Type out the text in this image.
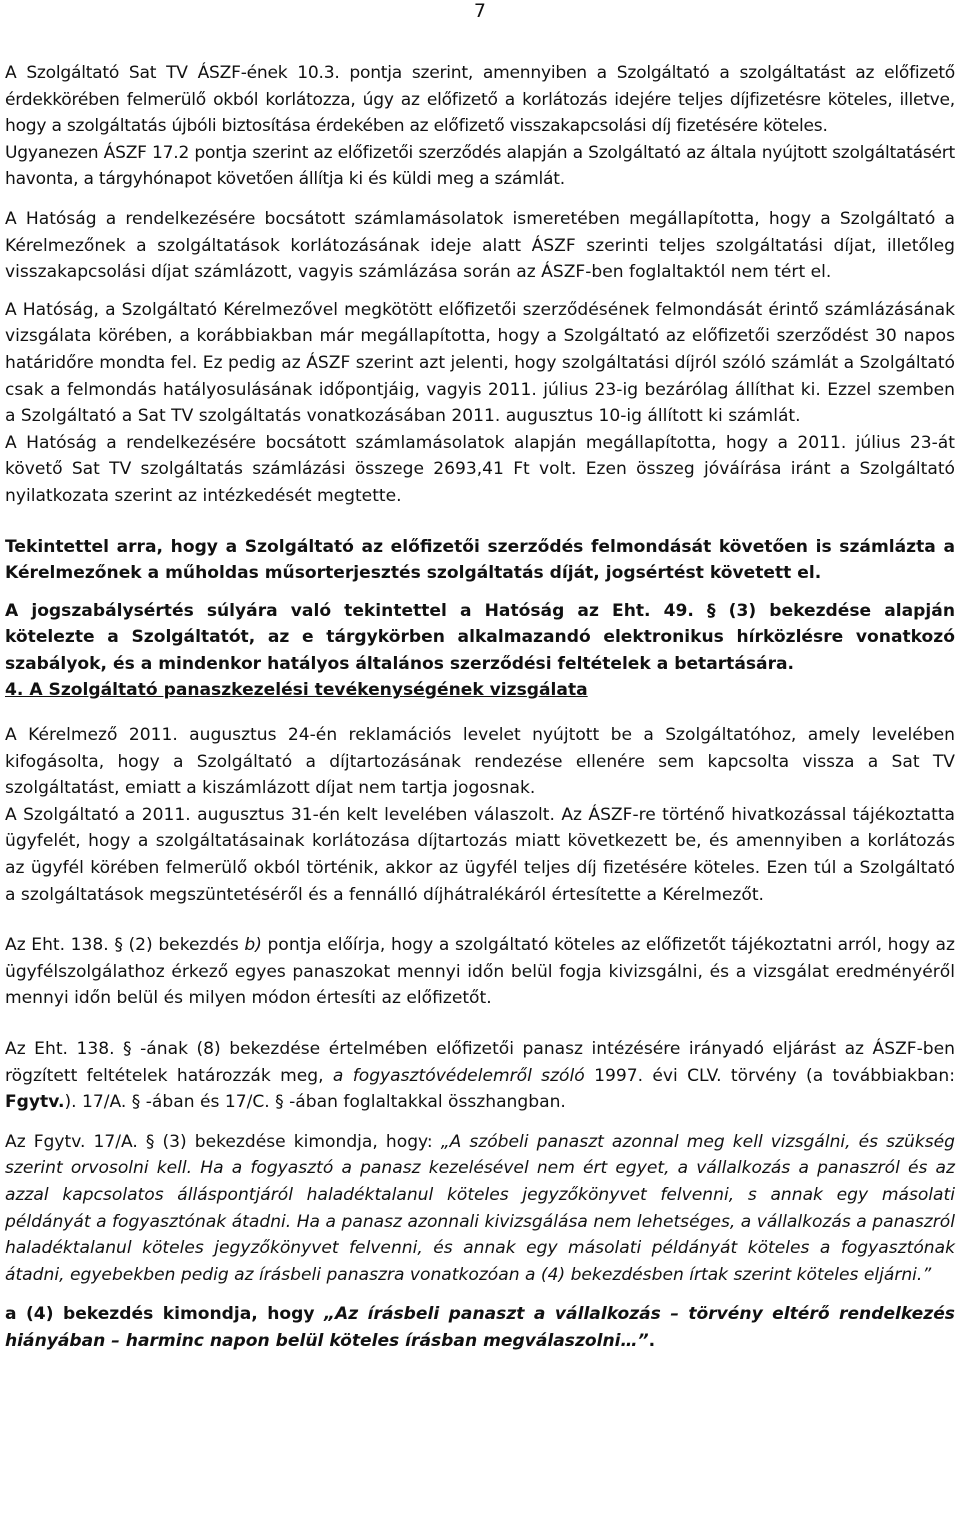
7

A Szolgáltató Sat TV ÁSZF-ének 10.3. pontja szerint, amennyiben a Szolgáltató a szolgáltatást az előfizető érdekkörében felmerülő okból korlátozza, úgy az előfizető a korlátozás idejére teljes díjfizetésre köteles, illetve, hogy a szolgáltatás újbóli biztosítása érdekében az előfizető visszakapcsolási díj fizetésére köteles.
Ugyanezen ÁSZF 17.2 pontja szerint az előfizetői szerződés alapján a Szolgáltató az általa nyújtott szolgáltatásért havonta, a tárgyhónapot követően állítja ki és küldi meg a számlát.

A Hatóság a rendelkezésére bocsátott számlamásolatok ismeretében megállapította, hogy a Szolgáltató a Kérelmezőnek a szolgáltatások korlátozásának ideje alatt ÁSZF szerinti teljes szolgáltatási díjat, illetőleg visszakapcsolási díjat számlázott, vagyis számlázása során az ÁSZF-ben foglaltaktól nem tért el.

A Hatóság, a Szolgáltató Kérelmezővel megkötött előfizetői szerződésének felmondását érintő számlázásának vizsgálata körében, a korábbiakban már megállapította, hogy a Szolgáltató az előfizetői szerződést 30 napos határidőre mondta fel. Ez pedig az ÁSZF szerint azt jelenti, hogy szolgáltatási díjról szóló számlát a Szolgáltató csak a felmondás hatályosulásának időpontjáig, vagyis 2011. július 23-ig bezárólag állíthat ki. Ezzel szemben a Szolgáltató a Sat TV szolgáltatás vonatkozásában 2011. augusztus 10-ig állított ki számlát.

A Hatóság a rendelkezésére bocsátott számlamásolatok alapján megállapította, hogy a 2011. július 23-át követő Sat TV szolgáltatás számlázási összege 2693,41 Ft volt. Ezen összeg jóváírása iránt a Szolgáltató nyilatkozata szerint az intézkedését megtette.

Tekintettel arra, hogy a Szolgáltató az előfizetői szerződés felmondását követően is számlázta a Kérelmezőnek a műholdas műsorterjesztés szolgáltatás díját, jogsértést követett el.

A jogszabálysértés súlyára való tekintettel a Hatóság az Eht. 49. § (3) bekezdése alapján kötelezte a Szolgáltatót, az e tárgykörben alkalmazandó elektronikus hírközlésre vonatkozó szabályok, és a mindenkor hatályos általános szerződési feltételek a betartására.

4. A Szolgáltató panaszkezelési tevékenységének vizsgálata

A Kérelmező 2011. augusztus 24-én reklamációs levelet nyújtott be a Szolgáltatóhoz, amely levelében kifogásolta, hogy a Szolgáltató a díjtartozásának rendezése ellenére sem kapcsolta vissza a Sat TV szolgáltatást, emiatt a kiszámlázott díjat nem tartja jogosnak.
A Szolgáltató a 2011. augusztus 31-én kelt levelében válaszolt. Az ÁSZF-re történő hivatkozással tájékoztatta ügyfelét, hogy a szolgáltatásainak korlátozása díjtartozás miatt következett be, és amennyiben a korlátozás az ügyfél körében felmerülő okból történik, akkor az ügyfél teljes díj fizetésére köteles. Ezen túl a Szolgáltató a szolgáltatások megszüntetéséről és a fennálló díjhátralékáról értesítette a Kérelmezőt.

Az Eht. 138. § (2) bekezdés b) pontja előírja, hogy a szolgáltató köteles az előfizetőt tájékoztatni arról, hogy az ügyfélszolgálathoz érkező egyes panaszokat mennyi időn belül fogja kivizsgálni, és a vizsgálat eredményéről mennyi időn belül és milyen módon értesíti az előfizetőt.

Az Eht. 138. § -ának (8) bekezdése értelmében előfizetői panasz intézésére irányadó eljárást az ÁSZF-ben rögzített feltételek határozzák meg, a fogyasztóvédelemről szóló 1997. évi CLV. törvény (a továbbiakban: Fgytv.). 17/A. § -ában és 17/C. § -ában foglaltakkal összhangban.

Az Fgytv. 17/A. § (3) bekezdése kimondja, hogy: „A szóbeli panaszt azonnal meg kell vizsgálni, és szükség szerint orvosolni kell. Ha a fogyasztó a panasz kezelésével nem ért egyet, a vállalkozás a panaszról és az azzal kapcsolatos álláspontjáról haladéktalanul köteles jegyzőkönyvet felvenni, s annak egy másolati példányát a fogyasztónak átadni. Ha a panasz azonnali kivizsgálása nem lehetséges, a vállalkozás a panaszról haladéktalanul köteles jegyzőkönyvet felvenni, és annak egy másolati példányát köteles a fogyasztónak átadni, egyebekben pedig az írásbeli panaszra vonatkozóan a (4) bekezdésben írtak szerint köteles eljárni.”

a (4) bekezdés kimondja, hogy „Az írásbeli panaszt a vállalkozás – törvény eltérő rendelkezés hiányában – harminc napon belül köteles írásban megválaszolni…”.
